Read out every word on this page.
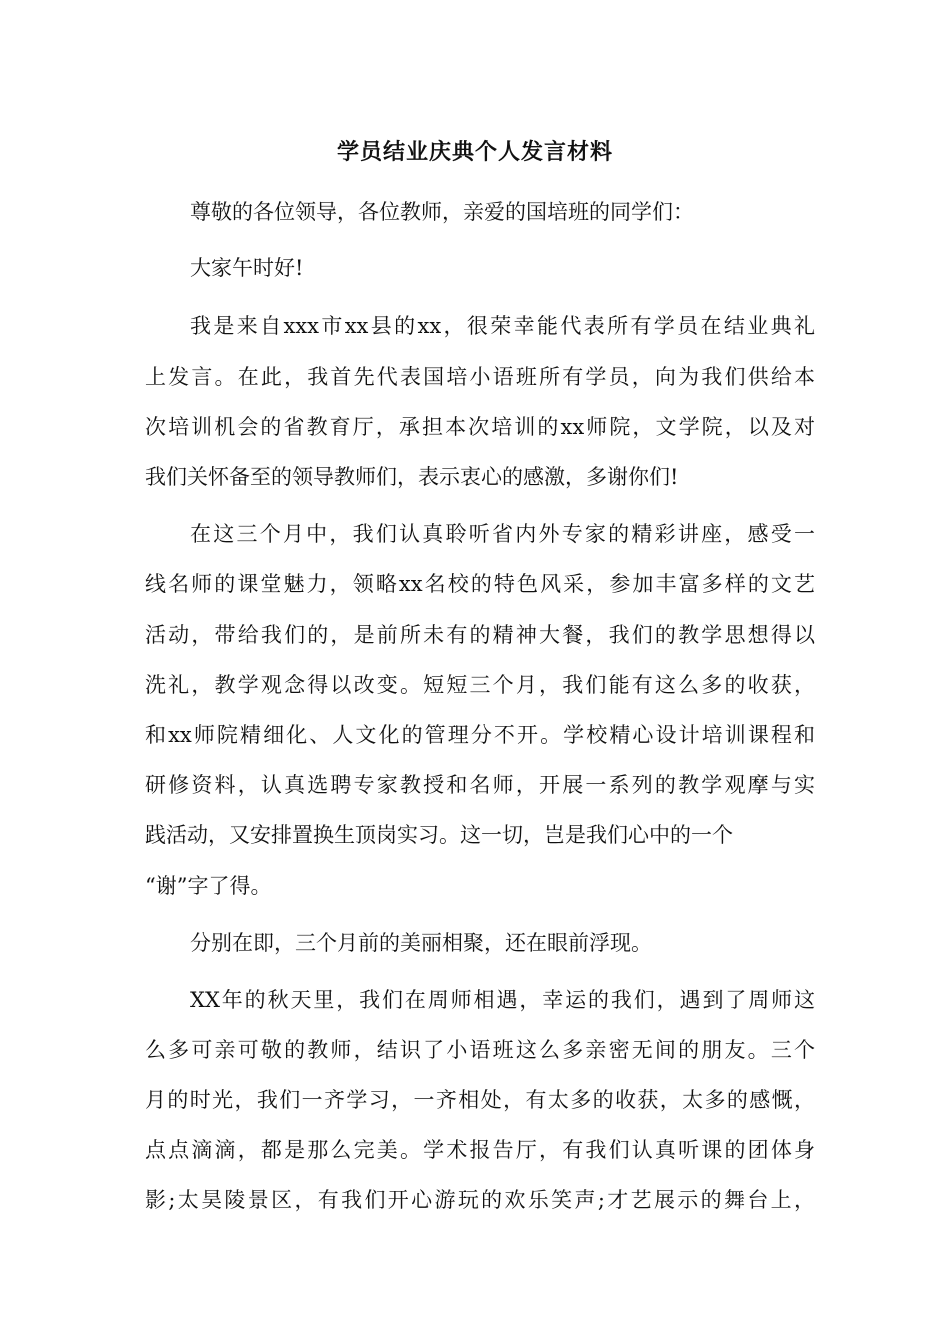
学员结业庆典个人发言材料
尊敬的各位领导，各位教师，亲爱的国培班的同学们：
大家午时好!
我是来自xxx市xx县的xx，很荣幸能代表所有学员在结业典礼
上发言。在此，我首先代表国培小语班所有学员，向为我们供给本
次培训机会的省教育厅，承担本次培训的xx师院，文学院，以及对
我们关怀备至的领导教师们，表示衷心的感激，多谢你们!
在这三个月中，我们认真聆听省内外专家的精彩讲座，感受一
线名师的课堂魅力，领略xx名校的特色风采，参加丰富多样的文艺
活动，带给我们的，是前所未有的精神大餐，我们的教学思想得以
洗礼，教学观念得以改变。短短三个月，我们能有这么多的收获，
和xx师院精细化、人文化的管理分不开。学校精心设计培训课程和
研修资料，认真选聘专家教授和名师，开展一系列的教学观摩与实
践活动，又安排置换生顶岗实习。这一切，岂是我们心中的一个
“谢”字了得。
分别在即，三个月前的美丽相聚，还在眼前浮现。
XX年的秋天里，我们在周师相遇，幸运的我们，遇到了周师这
么多可亲可敬的教师，结识了小语班这么多亲密无间的朋友。三个
月的时光，我们一齐学习，一齐相处，有太多的收获，太多的感慨，
点点滴滴，都是那么完美。学术报告厅，有我们认真听课的团体身
影;太昊陵景区，有我们开心游玩的欢乐笑声;才艺展示的舞台上，
